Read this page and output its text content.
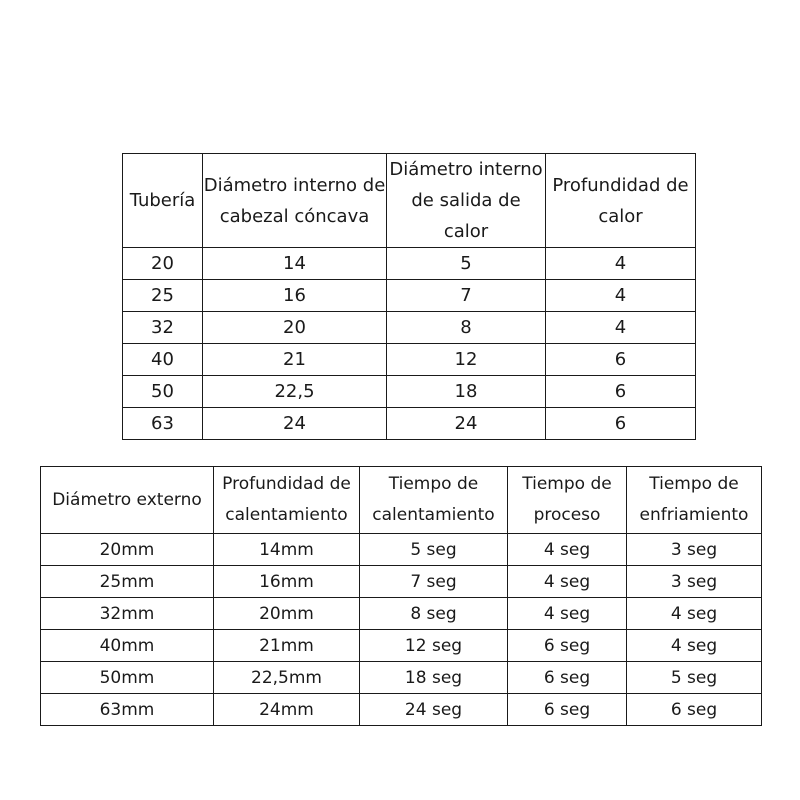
Tubería	Diámetro interno de cabezal cóncava	Diámetro interno de salida de calor	Profundidad de calor
20	14	5	4
25	16	7	4
32	20	8	4
40	21	12	6
50	22,5	18	6
63	24	24	6
Diámetro externo	Profundidad de calentamiento	Tiempo de calentamiento	Tiempo de proceso	Tiempo de enfriamiento
20mm	14mm	5 seg	4 seg	3 seg
25mm	16mm	7 seg	4 seg	3 seg
32mm	20mm	8 seg	4 seg	4 seg
40mm	21mm	12 seg	6 seg	4 seg
50mm	22,5mm	18 seg	6 seg	5 seg
63mm	24mm	24 seg	6 seg	6 seg
